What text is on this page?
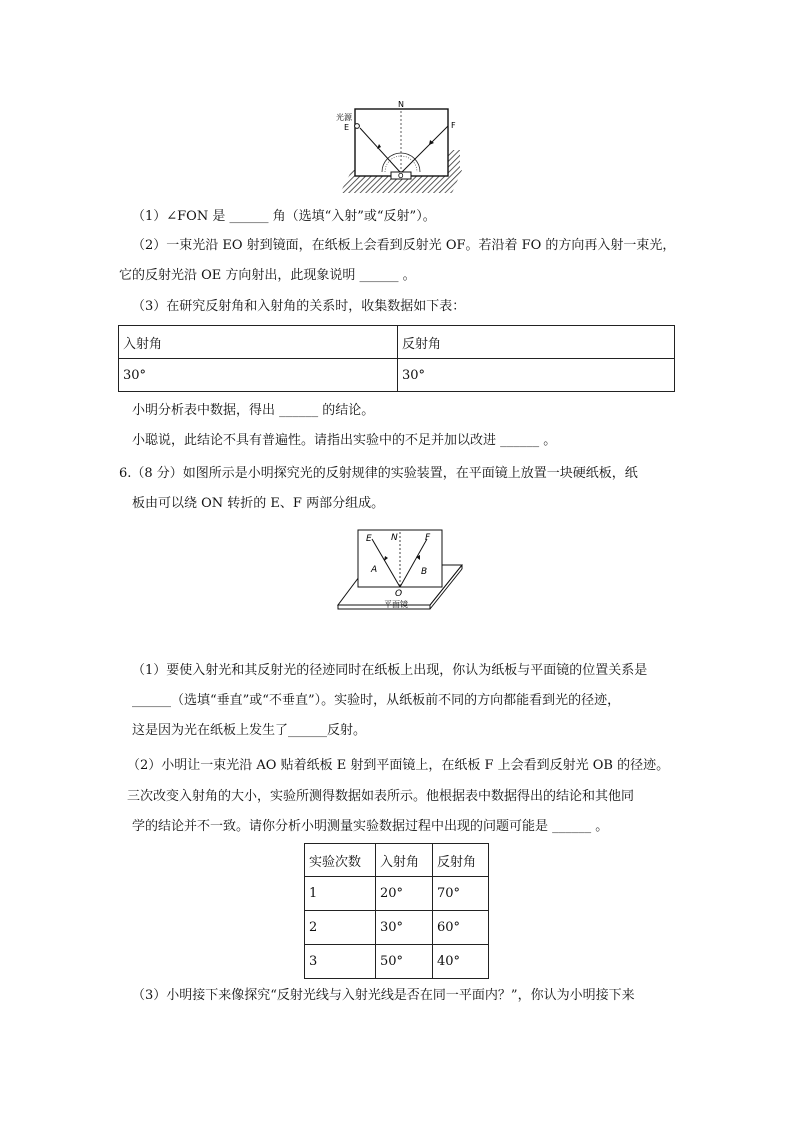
光源
E
N
F
O
（1）∠FON 是 ______ 角（选填“入射”或“反射”）。
（2）一束光沿 EO 射到镜面，在纸板上会看到反射光 OF。若沿着 FO 的方向再入射一束光，
它的反射光沿 OE 方向射出，此现象说明 ______ 。
（3）在研究反射角和入射角的关系时，收集数据如下表：
入射角	反射角
30°	30°
小明分析表中数据，得出 ______ 的结论。
小聪说，此结论不具有普遍性。请指出实验中的不足并加以改进 ______ 。
6.（8 分）如图所示是小明探究光的反射规律的实验装置，在平面镜上放置一块硬纸板，纸
板由可以绕 ON 转折的 E、F 两部分组成。
E N	F
A	B
O
平面镜
（1）要使入射光和其反射光的径迹同时在纸板上出现，你认为纸板与平面镜的位置关系是
______（选填“垂直”或“不垂直”）。实验时，从纸板前不同的方向都能看到光的径迹，
这是因为光在纸板上发生了______反射。
（2）小明让一束光沿 AO 贴着纸板 E 射到平面镜上，在纸板 F 上会看到反射光 OB 的径迹。
三次改变入射角的大小，实验所测得数据如表所示。他根据表中数据得出的结论和其他同
学的结论并不一致。请你分析小明测量实验数据过程中出现的问题可能是 ______ 。
实验次数	入射角	反射角
1	20°	70°
2	30°	60°
3	50°	40°
（3）小明接下来像探究“反射光线与入射光线是否在同一平面内？”，你认为小明接下来
